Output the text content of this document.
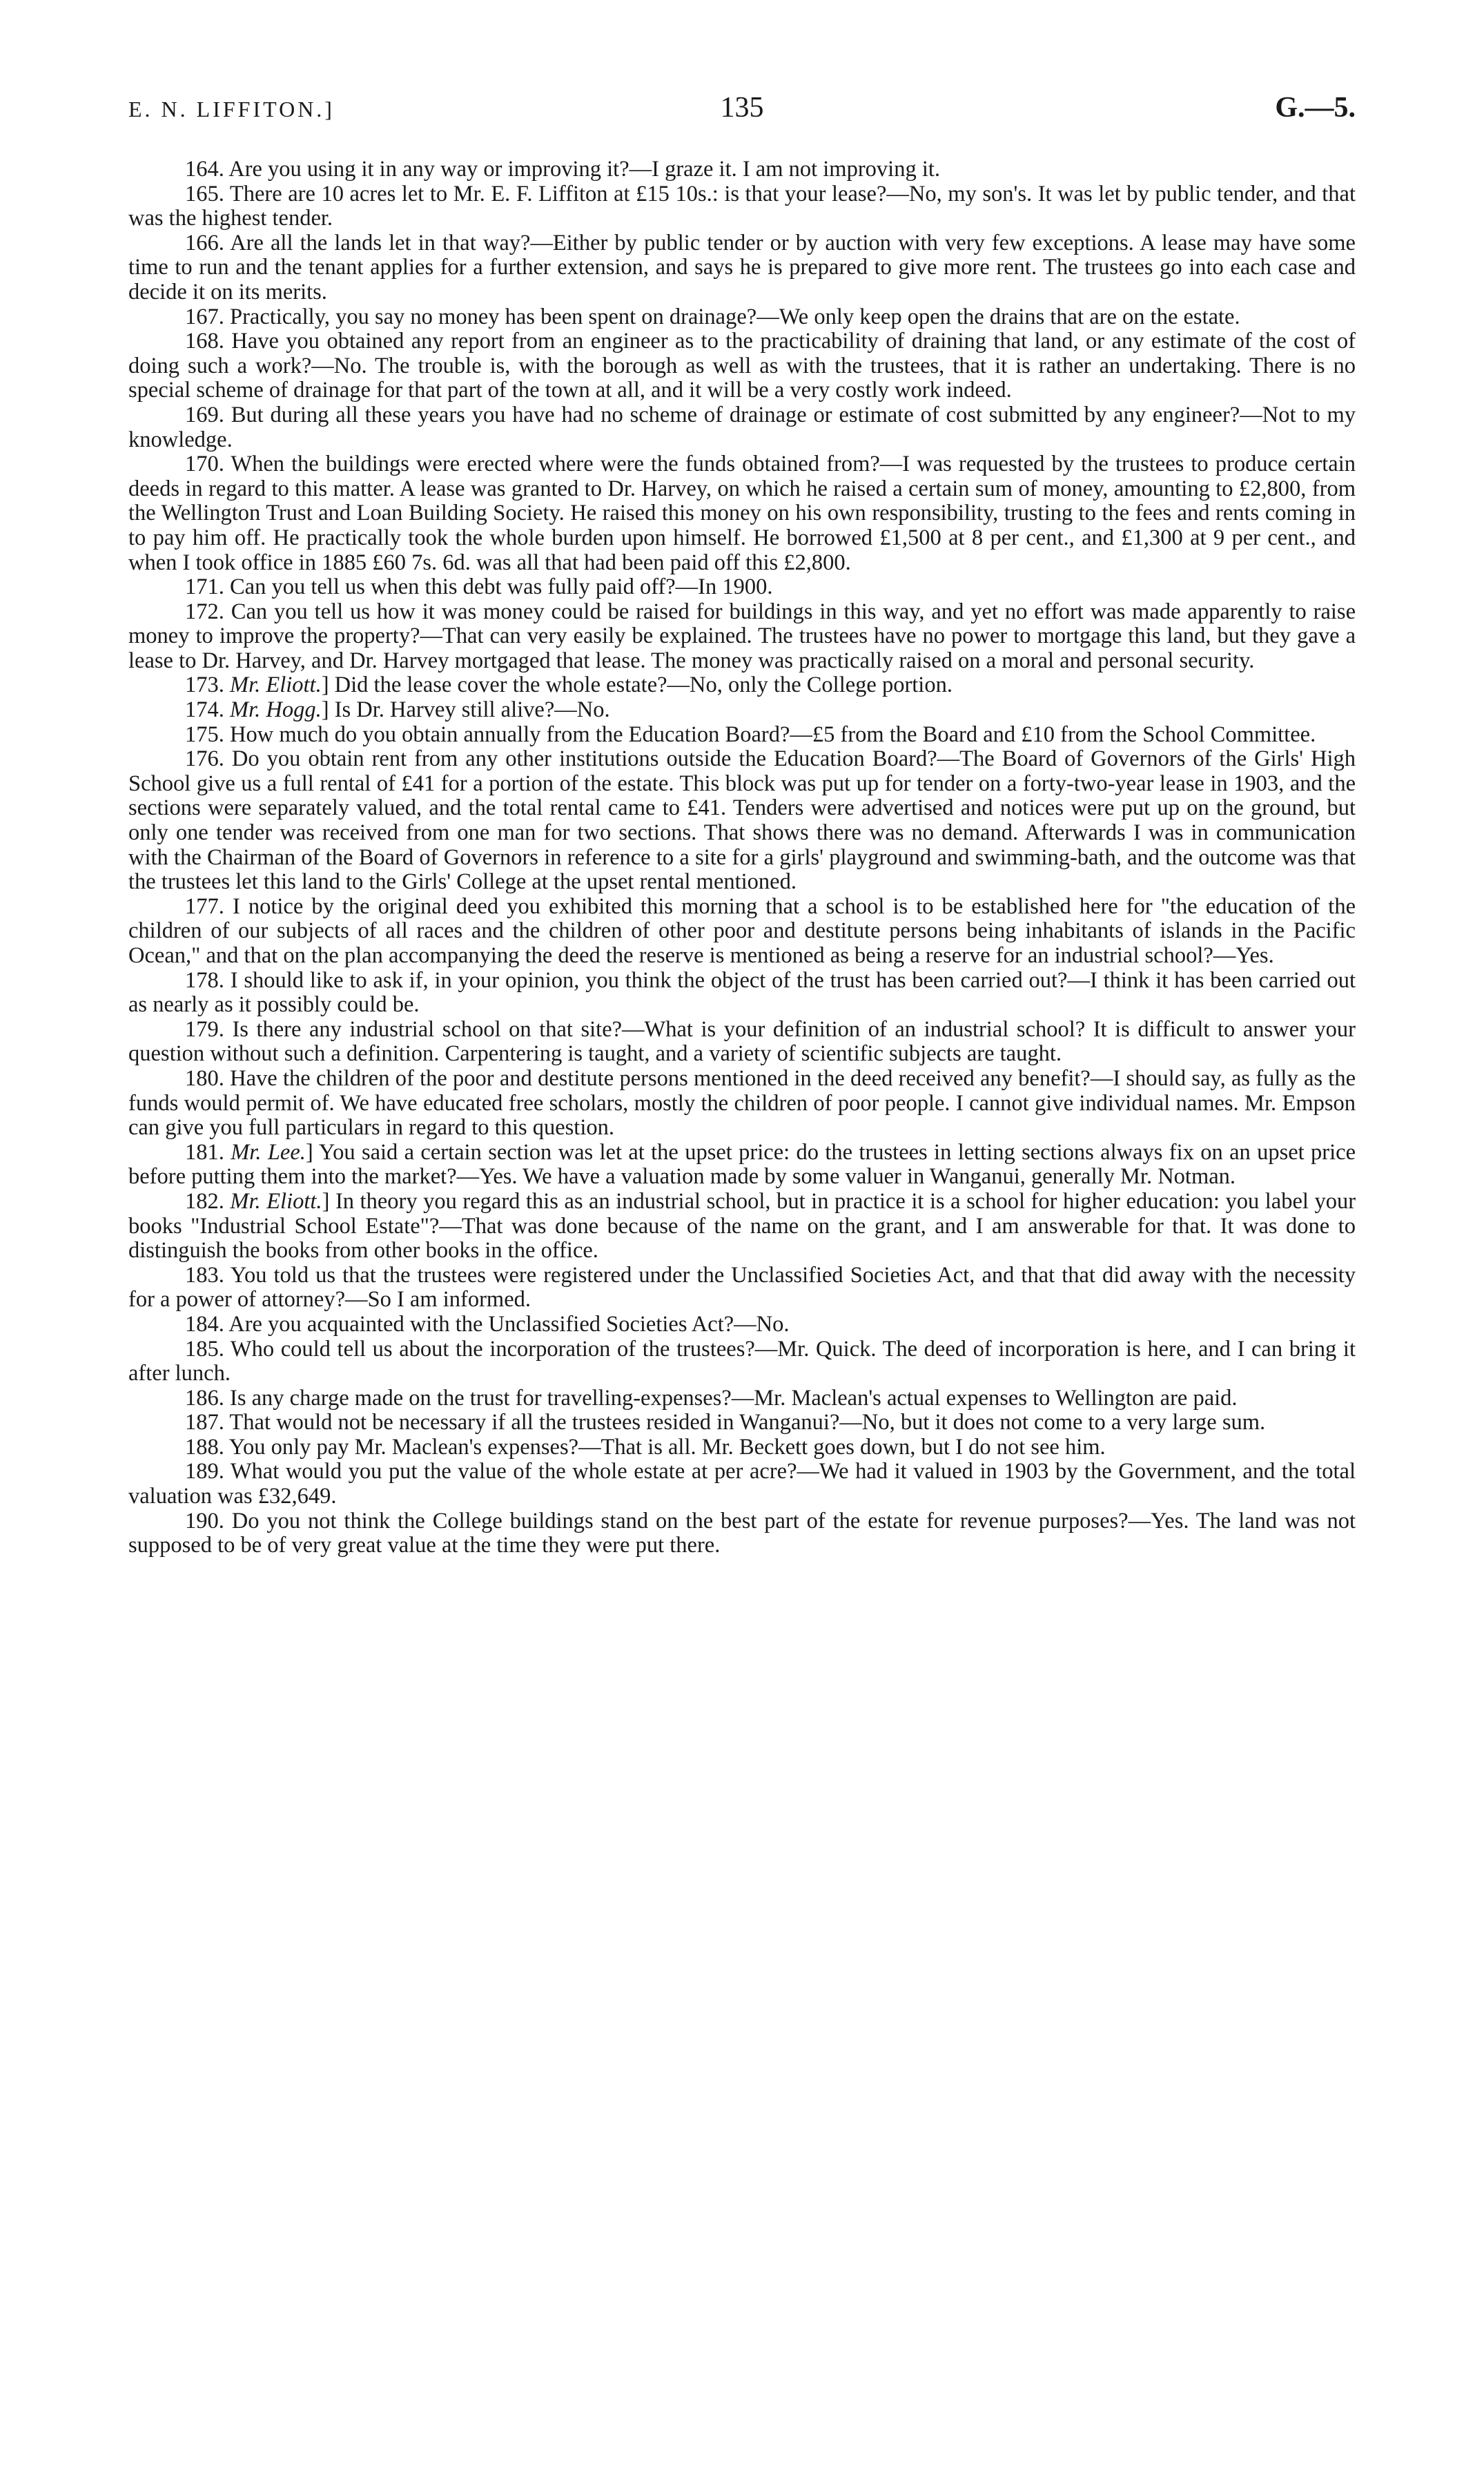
E. N. LIFFITON.]	135	G.—5.

164. Are you using it in any way or improving it?—I graze it. I am not improving it.

165. There are 10 acres let to Mr. E. F. Liffiton at £15 10s.: is that your lease?—No, my son's. It was let by public tender, and that was the highest tender.

166. Are all the lands let in that way?—Either by public tender or by auction with very few exceptions. A lease may have some time to run and the tenant applies for a further extension, and says he is prepared to give more rent. The trustees go into each case and decide it on its merits.

167. Practically, you say no money has been spent on drainage?—We only keep open the drains that are on the estate.

168. Have you obtained any report from an engineer as to the practicability of draining that land, or any estimate of the cost of doing such a work?—No. The trouble is, with the borough as well as with the trustees, that it is rather an undertaking. There is no special scheme of drainage for that part of the town at all, and it will be a very costly work indeed.

169. But during all these years you have had no scheme of drainage or estimate of cost submitted by any engineer?—Not to my knowledge.

170. When the buildings were erected where were the funds obtained from?—I was requested by the trustees to produce certain deeds in regard to this matter. A lease was granted to Dr. Harvey, on which he raised a certain sum of money, amounting to £2,800, from the Wellington Trust and Loan Building Society. He raised this money on his own responsibility, trusting to the fees and rents coming in to pay him off. He practically took the whole burden upon himself. He borrowed £1,500 at 8 per cent., and £1,300 at 9 per cent., and when I took office in 1885 £60 7s. 6d. was all that had been paid off this £2,800.

171. Can you tell us when this debt was fully paid off?—In 1900.

172. Can you tell us how it was money could be raised for buildings in this way, and yet no effort was made apparently to raise money to improve the property?—That can very easily be explained. The trustees have no power to mortgage this land, but they gave a lease to Dr. Harvey, and Dr. Harvey mortgaged that lease. The money was practically raised on a moral and personal security.

173. Mr. Eliott.] Did the lease cover the whole estate?—No, only the College portion.

174. Mr. Hogg.] Is Dr. Harvey still alive?—No.

175. How much do you obtain annually from the Education Board?—£5 from the Board and £10 from the School Committee.

176. Do you obtain rent from any other institutions outside the Education Board?—The Board of Governors of the Girls' High School give us a full rental of £41 for a portion of the estate. This block was put up for tender on a forty-two-year lease in 1903, and the sections were separately valued, and the total rental came to £41. Tenders were advertised and notices were put up on the ground, but only one tender was received from one man for two sections. That shows there was no demand. Afterwards I was in communication with the Chairman of the Board of Governors in reference to a site for a girls' playground and swimming-bath, and the outcome was that the trustees let this land to the Girls' College at the upset rental mentioned.

177. I notice by the original deed you exhibited this morning that a school is to be established here for "the education of the children of our subjects of all races and the children of other poor and destitute persons being inhabitants of islands in the Pacific Ocean," and that on the plan accompanying the deed the reserve is mentioned as being a reserve for an industrial school?—Yes.

178. I should like to ask if, in your opinion, you think the object of the trust has been carried out?—I think it has been carried out as nearly as it possibly could be.

179. Is there any industrial school on that site?—What is your definition of an industrial school? It is difficult to answer your question without such a definition. Carpentering is taught, and a variety of scientific subjects are taught.

180. Have the children of the poor and destitute persons mentioned in the deed received any benefit?—I should say, as fully as the funds would permit of. We have educated free scholars, mostly the children of poor people. I cannot give individual names. Mr. Empson can give you full particulars in regard to this question.

181. Mr. Lee.] You said a certain section was let at the upset price: do the trustees in letting sections always fix on an upset price before putting them into the market?—Yes. We have a valuation made by some valuer in Wanganui, generally Mr. Notman.

182. Mr. Eliott.] In theory you regard this as an industrial school, but in practice it is a school for higher education: you label your books "Industrial School Estate"?—That was done because of the name on the grant, and I am answerable for that. It was done to distinguish the books from other books in the office.

183. You told us that the trustees were registered under the Unclassified Societies Act, and that that did away with the necessity for a power of attorney?—So I am informed.

184. Are you acquainted with the Unclassified Societies Act?—No.

185. Who could tell us about the incorporation of the trustees?—Mr. Quick. The deed of incorporation is here, and I can bring it after lunch.

186. Is any charge made on the trust for travelling-expenses?—Mr. Maclean's actual expenses to Wellington are paid.

187. That would not be necessary if all the trustees resided in Wanganui?—No, but it does not come to a very large sum.

188. You only pay Mr. Maclean's expenses?—That is all. Mr. Beckett goes down, but I do not see him.

189. What would you put the value of the whole estate at per acre?—We had it valued in 1903 by the Government, and the total valuation was £32,649.

190. Do you not think the College buildings stand on the best part of the estate for revenue purposes?—Yes. The land was not supposed to be of very great value at the time they were put there.
